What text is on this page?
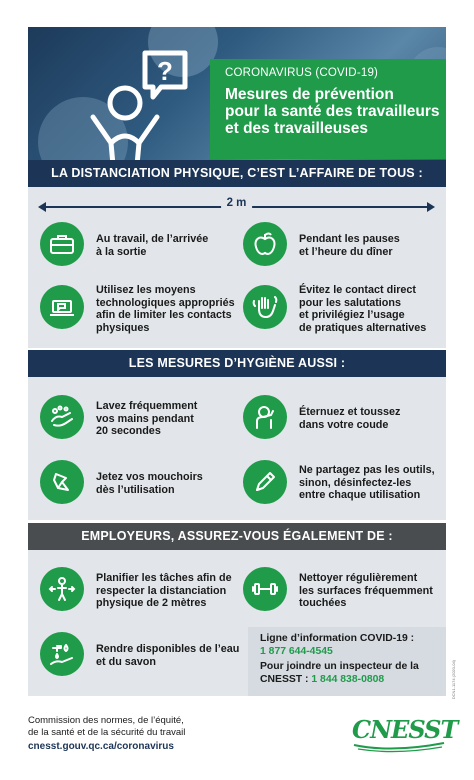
?	CORONAVIRUS (COVID-19)
Mesures de prévention
pour la santé des travailleurs
et des travailleuses
LA DISTANCIATION PHYSIQUE, C’EST L’AFFAIRE DE TOUS :
2 m
Au travail, de l’arrivée
à la sortie
Pendant les pauses
et l’heure du dîner
Utilisez les moyens
technologiques appropriés
afin de limiter les contacts
physiques
Évitez le contact direct
pour les salutations
et privilégiez l’usage
de pratiques alternatives
LES MESURES D’HYGIÈNE AUSSI :
Lavez fréquemment
vos mains pendant
20 secondes
Éternuez et toussez
dans votre coude
Jetez vos mouchoirs
dès l’utilisation
Ne partagez pas les outils,
sinon, désinfectez-les
entre chaque utilisation
EMPLOYEURS, ASSUREZ-VOUS ÉGALEMENT DE :
Planifier les tâches afin de
respecter la distanciation
physique de 2 mètres
Nettoyer régulièrement
les surfaces fréquemment
touchées
Rendre disponibles de l’eau
et du savon
Ligne d’information COVID-19 :
1 877 644-4545
Pour joindre un inspecteur de la
CNESST : 1 844 838-0808	DCN1-1174 (2020-04)
Commission des normes, de l’équité,
de la santé et de la sécurité du travail
cnesst.gouv.qc.ca/coronavirus
CNESST
